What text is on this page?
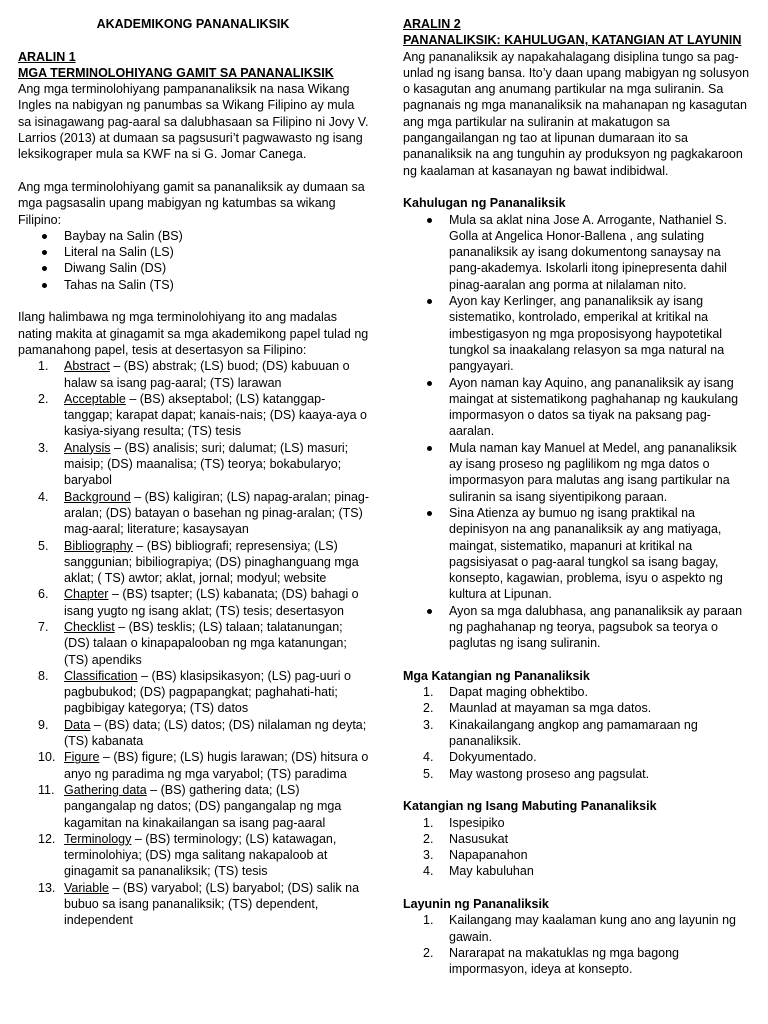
AKADEMIKONG PANANALIKSIK
ARALIN 1
MGA TERMINOLOHIYANG GAMIT SA PANANALIKSIK

Ang mga terminolohiyang pampananaliksik na nasa Wikang Ingles na nabigyan ng panumbas sa Wikang Filipino ay mula sa isinagawang pag-aaral sa dalubhasaan sa Filipino ni Jovy V. Larrios (2013) at dumaan sa pagsusuri’t pagwawasto ng isang leksikograper mula sa KWF na si G. Jomar Canega.

Ang mga terminolohiyang gamit sa pananaliksik ay dumaan sa mga pagsasalin upang mabigyan ng katumbas sa wikang Filipino:

Baybay na Salin (BS)
Literal na Salin (LS)
Diwang Salin (DS)
Tahas na Salin (TS)

Ilang halimbawa ng mga terminolohiyang ito ang madalas nating makita at ginagamit sa mga akademikong papel tulad ng pamanahong papel, tesis at desertasyon sa Filipino:

1.	Abstract – (BS) abstrak; (LS) buod; (DS) kabuuan o halaw sa isang pag-aaral; (TS) larawan
2.	Acceptable – (BS) akseptabol; (LS) katanggap-tanggap; karapat dapat; kanais-nais; (DS) kaaya-aya o kasiya-siyang resulta; (TS) tesis
3.	Analysis – (BS) analisis; suri; dalumat; (LS) masuri; maisip; (DS) maanalisa; (TS) teorya; bokabularyo; baryabol
4.	Background – (BS) kaligiran; (LS) napag-aralan; pinag-aralan; (DS) batayan o basehan ng pinag-aralan; (TS) mag-aaral; literature; kasaysayan
5.	Bibliography – (BS) bibliografi; represensiya; (LS) sanggunian; bibiliograpiya; (DS) pinaghanguang mga aklat; ( TS) awtor; aklat, jornal; modyul; website
6.	Chapter – (BS) tsapter; (LS) kabanata; (DS) bahagi o isang yugto ng isang aklat; (TS) tesis; desertasyon
7.	Checklist – (BS) tesklis; (LS) talaan; talatanungan; (DS) talaan o kinapapalooban ng mga katanungan; (TS) apendiks
8.	Classification – (BS) klasipsikasyon; (LS) pag-uuri o pagbubukod; (DS) pagpapangkat; paghahati-hati; pagbibigay kategorya; (TS) datos
9.	Data – (BS) data; (LS) datos; (DS) nilalaman ng deyta; (TS) kabanata
10. Figure – (BS) figure; (LS) hugis larawan; (DS) hitsura o anyo ng paradima ng mga varyabol; (TS) paradima
11. Gathering data – (BS) gathering data; (LS) pangangalap ng datos; (DS) pangangalap ng mga kagamitan na kinakailangan sa isang pag-aaral
12. Terminology – (BS) terminology; (LS) katawagan, terminolohiya; (DS) mga salitang nakapaloob at ginagamit sa pananaliksik; (TS) tesis
13. Variable – (BS) varyabol; (LS) baryabol; (DS) salik na bubuo sa isang pananaliksik; (TS) dependent, independent
ARALIN 2
PANANALIKSIK: KAHULUGAN, KATANGIAN AT LAYUNIN

Ang pananaliksik ay napakahalagang disiplina tungo sa pag-unlad ng isang bansa. Ito’y daan upang mabigyan ng solusyon o kasagutan ang anumang partikular na mga suliranin. Sa pagnanais ng mga mananaliksik na mahanapan ng kasagutan ang mga partikular na suliranin at makatugon sa pangangailangan ng tao at lipunan dumaraan ito sa pananaliksik na ang tunguhin ay produksyon ng pagkakaroon ng kaalaman at kasanayan ng bawat indibidwal.

Kahulugan ng Pananaliksik
Mula sa aklat nina Jose A. Arrogante, Nathaniel S. Golla at Angelica Honor-Ballena , ang sulating pananaliksik ay isang dokumentong sanaysay na pang-akademya. Iskolarli itong ipinepresenta dahil pinag-aaralan ang porma at nilalaman nito.
Ayon kay Kerlinger, ang pananaliksik ay isang sistematiko, kontrolado, emperikal at kritikal na imbestigasyon ng mga proposisyong haypotetikal tungkol sa inaakalang relasyon sa mga natural na pangyayari.
Ayon naman kay Aquino, ang pananaliksik ay isang maingat at sistematikong paghahanap ng kaukulang impormasyon o datos sa tiyak na paksang pag-aaralan.
Mula naman kay Manuel at Medel, ang pananaliksik ay isang proseso ng paglilikom ng mga datos o impormasyon para malutas ang isang partikular na suliranin sa isang siyentipikong paraan.
Sina Atienza ay bumuo ng isang praktikal na depinisyon na ang pananaliksik ay ang matiyaga, maingat, sistematiko, mapanuri at kritikal na pagsisiyasat o pag-aaral tungkol sa isang bagay, konsepto, kagawian, problema, isyu o aspekto ng kultura at Lipunan.
Ayon sa mga dalubhasa, ang pananaliksik ay paraan ng paghahanap ng teorya, pagsubok sa teorya o paglutas ng isang suliranin.
Mga Katangian ng Pananaliksik
1.	Dapat maging obhektibo.
2.	Maunlad at mayaman sa mga datos.
3.	Kinakailangang angkop ang pamamaraan ng pananaliksik.
4.	Dokyumentado.
5.	May wastong proseso ang pagsulat.
Katangian ng Isang Mabuting Pananaliksik
1.	Ispesipiko
2.	Nasusukat
3.	Napapanahon
4.	May kabuluhan
Layunin ng Pananaliksik
1.	Kailangang may kaalaman kung ano ang layunin ng gawain.
2.	Nararapat na makatuklas ng mga bagong impormasyon, ideya at konsepto.
